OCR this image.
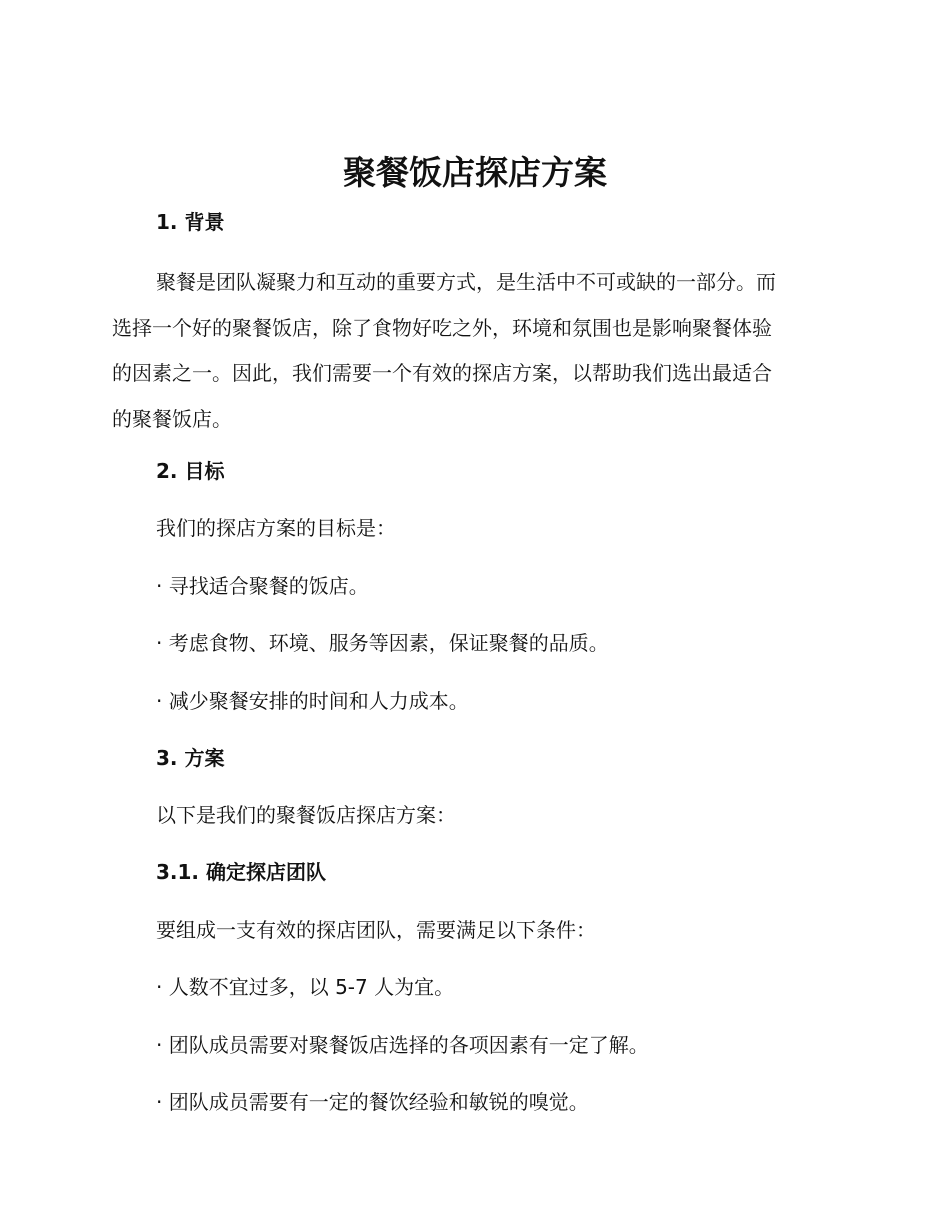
聚餐饭店探店方案
1. 背景
聚餐是团队凝聚力和互动的重要方式，是生活中不可或缺的一部分。而
选择一个好的聚餐饭店，除了食物好吃之外，环境和氛围也是影响聚餐体验
的因素之一。因此，我们需要一个有效的探店方案，以帮助我们选出最适合
的聚餐饭店。
2. 目标
我们的探店方案的目标是：
· 寻找适合聚餐的饭店。
· 考虑食物、环境、服务等因素，保证聚餐的品质。
· 减少聚餐安排的时间和人力成本。
3. 方案
以下是我们的聚餐饭店探店方案：
3.1. 确定探店团队
要组成一支有效的探店团队，需要满足以下条件：
· 人数不宜过多，以 5-7 人为宜。
· 团队成员需要对聚餐饭店选择的各项因素有一定了解。
· 团队成员需要有一定的餐饮经验和敏锐的嗅觉。
